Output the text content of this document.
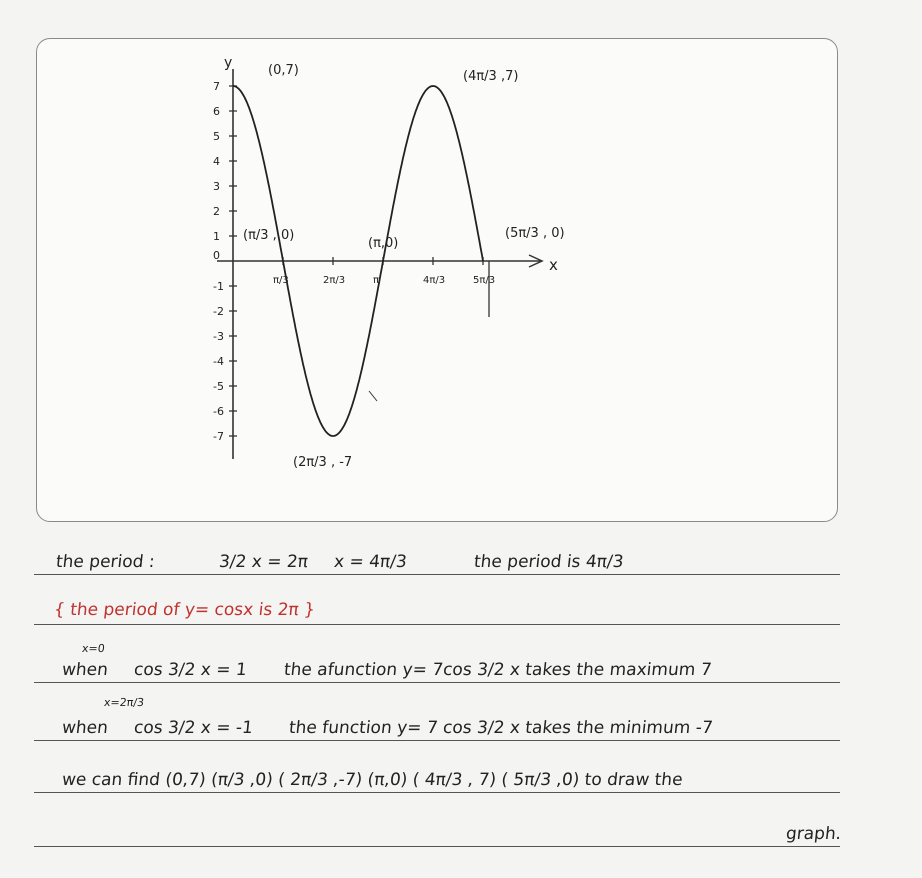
y
x
7
6
5
4
3
2
1
0
-1
-2
-3
-4
-5
-6
-7
π/3	2π/3	π	4π/3	5π/3
(0,7)
(π/3 , 0)
(2π/3 , -7
(π,0)
(4π/3 ,7)
(5π/3 , 0)
the period :	3/2 x = 2π x = 4π/3	the period is 4π/3
{ the period of y= cosx is 2π }
x=0
when cos 3/2 x = 1 the afunction y= 7cos 3/2 x takes the maximum 7
x=2π/3
when cos 3/2 x = -1 the function y= 7 cos 3/2 x takes the minimum -7
we can find (0,7) (π/3 ,0) ( 2π/3 ,-7) (π,0) ( 4π/3 , 7) ( 5π/3 ,0) to draw the
graph.
